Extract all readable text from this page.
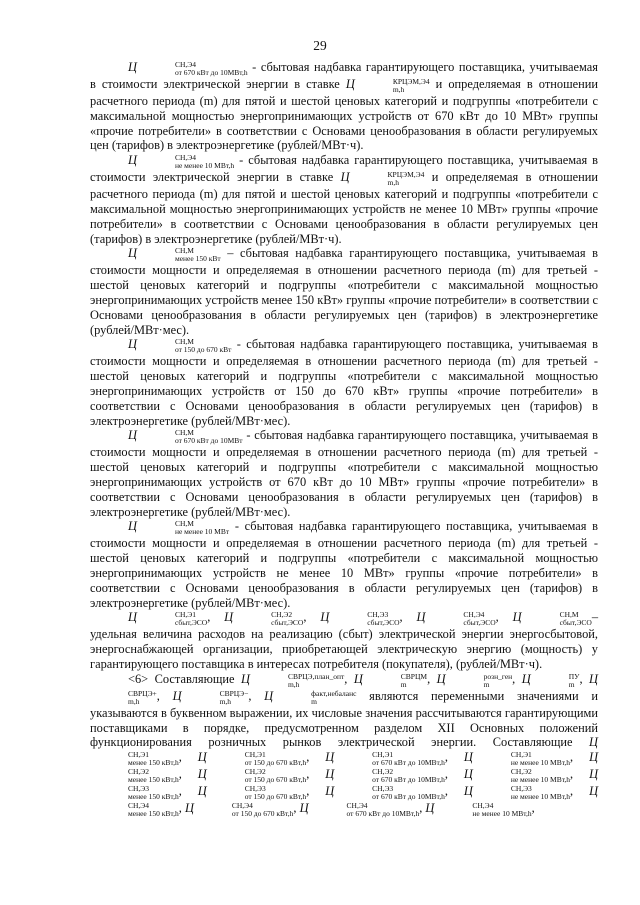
29

Ц	СН,Э4
от 670 кВт до 10МВт,h - сбытовая надбавка гарантирующего поставщика, учитываемая в стоимости электрической энергии в ставке Ц	КРЦЭМ,Э4
m,h	и определяемая в отношении расчетного периода (m) для пятой и шестой ценовых категорий и подгруппы «потребители с максимальной мощностью энергопринимающих устройств от 670 кВт до 10 МВт» группы «прочие потребители» в соответствии с Основами ценообразования в области регулируемых цен (тарифов) в электроэнергетике (рублей/МВт·ч).

Ц	СН,Э4
не менее 10 МВт,h - сбытовая надбавка гарантирующего поставщика, учитываемая в стоимости электрической энергии в ставке Ц	КРЦЭМ,Э4
m,h	и определяемая в отношении расчетного периода (m) для пятой и шестой ценовых категорий и подгруппы «потребители с максимальной мощностью энергопринимающих устройств не менее 10 МВт» группы «прочие потребители» в соответствии с Основами ценообразования в области регулируемых цен (тарифов) в электроэнергетике (рублей/МВт·ч).

Ц	СН,М
менее 150 кВт – сбытовая надбавка гарантирующего поставщика, учитываемая в стоимости мощности и определяемая в отношении расчетного периода (m) для третьей - шестой ценовых категорий и подгруппы «потребители с максимальной мощностью энергопринимающих устройств менее 150 кВт» группы «прочие потребители» в соответствии с Основами ценообразования в области регулируемых цен (тарифов) в электроэнергетике (рублей/МВт·мес).

Ц	СН,М
от 150 до 670 кВт - сбытовая надбавка гарантирующего поставщика, учитываемая в стоимости мощности и определяемая в отношении расчетного периода (m) для третьей - шестой ценовых категорий и подгруппы «потребители с максимальной мощностью энергопринимающих устройств от 150 до 670 кВт» группы «прочие потребители» в соответствии с Основами ценообразования в области регулируемых цен (тарифов) в электроэнергетике (рублей/МВт·мес).

Ц	СН,М
от 670 кВт до 10МВт - сбытовая надбавка гарантирующего поставщика, учитываемая в стоимости мощности и определяемая в отношении расчетного периода (m) для третьей - шестой ценовых категорий и подгруппы «потребители с максимальной мощностью энергопринимающих устройств от 670 кВт до 10 МВт» группы «прочие потребители» в соответствии с Основами ценообразования в области регулируемых цен (тарифов) в электроэнергетике (рублей/МВт·мес).

Ц	СН,М
не менее 10 МВт - сбытовая надбавка гарантирующего поставщика, учитываемая в стоимости мощности и определяемая в отношении расчетного периода (m) для третьей - шестой ценовых категорий и подгруппы «потребители с максимальной мощностью энергопринимающих устройств не менее 10 МВт» группы «прочие потребители» в соответствии с Основами ценообразования в области регулируемых цен (тарифов) в электроэнергетике (рублей/МВт·мес).

Ц	СН,Э1
сбыт,ЭСО , Ц	СН,Э2
сбыт,ЭСО , Ц	СН,Э3
сбыт,ЭСО , Ц	СН,Э4
сбыт,ЭСО , Ц	СН,М
сбыт,ЭСО –удельная величина расходов на реализацию (сбыт) электрической энергии энергосбытовой, энергоснабжающей организации, приобретающей электрическую энергию (мощность) у гарантирующего поставщика в интересах потребителя (покупателя), (рублей/МВт·ч).

<6> Составляющие Ц	СВРЦЭ,план_опт
m,h	, Ц	СВРЦМ
m	, Ц	розн_ген
m	, Ц	ПУ
m , Ц
СВРЦЭ+
m,h	, Ц	СВРЦЭ−
m,h	, Ц	факт,небаланс
m	являются переменными значениями и указываются в буквенном выражении, их числовые значения рассчитываются гарантирующими поставщиками в порядке, предусмотренном разделом XII Основных положений функционирования розничных рынков электрической энергии. Составляющие Ц
СН,Э1
менее 150 кВт,h , Ц	СН,Э1
от 150 до 670 кВт,h , Ц	СН,Э1
от 670 кВт до 10МВт,h , Ц	СН,Э1
не менее 10 МВт,h , Ц
СН,Э2
менее 150 кВт,h , Ц	СН,Э2
от 150 до 670 кВт,h , Ц	СН,Э2
от 670 кВт до 10МВт,h , Ц	СН,Э2
не менее 10 МВт,h , Ц
СН,Э3
менее 150 кВт,h , Ц	СН,Э3
от 150 до 670 кВт,h , Ц	СН,Э3
от 670 кВт до 10МВт,h , Ц	СН,Э3
не менее 10 МВт,h , Ц
СН,Э4
менее 150 кВт,h , Ц	СН,Э4
от 150 до 670 кВт,h , Ц	СН,Э4
от 670 кВт до 10МВт,h , Ц	СН,Э4
не менее 10 МВт,h ,
